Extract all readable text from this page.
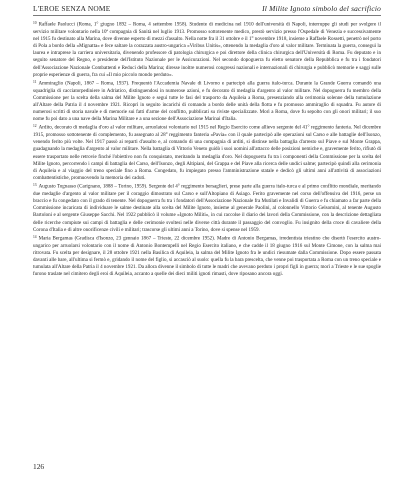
L'EROE SENZA NOME	Il Milite Ignoto simbolo del sacrificio

$^{10}$ Raffaele Paolucci (Roma, 1° giugno 1892 – Roma, 4 settembre 1958). Studente di medicina nel 1910 dell'università di Napoli, interruppe gli studi per svolgere il servizio militare volontario nella 10ª compagnia di Sanità nel luglio 1913. Promosso sottotenente medico, prestò servizio presso l'Ospedale di Venezia e successivamente nel 1915 fu destinato alla Marina, dove divenne esperto di mezzi d'assalto. Nella notte fra il 31 ottobre e il 1° novembre 1918, insieme a Raffaele Rossetti, penetrò nel porto di Pola a bordo della «Mignatta» e fece saltare la corazzata austro-ungarica «Viribus Unitis», ottenendo la medaglia d'oro al valor militare. Terminata la guerra, conseguì la laurea e intraprese la carriera universitaria, divenendo professore di patologia chirurgica e poi direttore della clinica chirurgica dell'Università di Roma. Fu deputato e in seguito senatore del Regno, e presidente dell'Istituto Nazionale per le Assicurazioni. Nel secondo dopoguerra fu eletto senatore della Repubblica e fu tra i fondatori dell'Associazione Nazionale Combattenti e Reduci della Marina; diresse inoltre numerosi congressi nazionali e internazionali di chirurgia e pubblicò memorie e saggi sulle proprie esperienze di guerra, fra cui «Il mio piccolo mondo perduto».

$^{11}$ Ammiraglio (Napoli, 1867 – Roma, 1937). Frequentò l'Accademia Navale di Livorno e partecipò alla guerra italo-turca. Durante la Grande Guerra comandò una squadriglia di cacciatorpediniere in Adriatico, distinguendosi in numerose azioni, e fu decorato di medaglia d'argento al valor militare. Nel dopoguerra fu membro della Commissione per la scelta della salma del Milite Ignoto e seguì tutte le fasi del trasporto da Aquileia a Roma, presenziando alla cerimonia solenne della tumulazione all'Altare della Patria il 4 novembre 1921. Ricoprì in seguito incarichi di comando a bordo delle unità della flotta e fu promosso ammiraglio di squadra. Fu autore di numerosi scritti di storia navale e di memorie sui fatti d'arme del conflitto, pubblicati su riviste specializzate. Morì a Roma, dove fu sepolto con gli onori militari; il suo nome fu poi dato a una nave della Marina Militare e a una sezione dell'Associazione Marinai d'Italia.

$^{12}$ Ardito, decorato di medaglia d'oro al valor militare, arruolatosi volontario nel 1915 nel Regio Esercito come allievo sergente del 41° reggimento fanteria. Nel dicembre 1915, promosso sottotenente di complemento, fu assegnato al 28° reggimento fanteria «Pavia» con il quale partecipò alle operazioni sul Carso e alle battaglie dell'Isonzo, venendo ferito più volte. Nel 1917 passò ai reparti d'assalto e, al comando di una compagnia di arditi, si distinse nella battaglia d'arresto sul Piave e sul Monte Grappa, guadagnando la medaglia d'argento al valor militare. Nella battaglia di Vittorio Veneto guidò i suoi uomini all'attacco delle posizioni nemiche e, gravemente ferito, rifiutò di essere trasportato nelle retrovie finché l'obiettivo non fu conquistato, meritando la medaglia d'oro. Nel dopoguerra fu tra i componenti della Commissione per la scelta del Milite Ignoto, percorrendo i campi di battaglia del Carso, dell'Isonzo, degli Altipiani, del Grappa e del Piave alla ricerca delle undici salme; partecipò quindi alla cerimonia di Aquileia e al viaggio del treno speciale fino a Roma. Congedato, fu impiegato presso l'amministrazione statale e dedicò gli ultimi anni all'attività di associazioni combattentistiche, promuovendo la memoria dei caduti.

$^{13}$ Augusto Tognasso (Carignano, 1888 – Torino, 1959). Sergente del 4° reggimento bersaglieri, prese parte alla guerra italo-turca e al primo conflitto mondiale, meritando due medaglie d'argento al valor militare per il coraggio dimostrato sul Carso e sull'Altopiano di Asiago. Ferito gravemente nel corso dell'offensiva del 1916, perse un braccio e fu congedato con il grado di tenente. Nel dopoguerra fu tra i fondatori dell'Associazione Nazionale fra Mutilati e Invalidi di Guerra e fu chiamato a far parte della Commissione incaricata di individuare le salme destinate alla scelta del Milite Ignoto, insieme al generale Paolini, al colonnello Vittorio Gelsomini, al tenente Augusto Bartoloni e al sergente Giuseppe Sacchi. Nel 1922 pubblicò il volume «Ignoto Militi», in cui raccolse il diario dei lavori della Commissione, con la descrizione dettagliata delle ricerche compiute sui campi di battaglia e delle cerimonie svoltesi nelle diverse città durante il passaggio del convoglio. Fu insignito della croce di cavaliere della Corona d'Italia e di altre onorificenze civili e militari; trascorse gli ultimi anni a Torino, dove si spense nel 1959.

$^{14}$ Maria Bergamas (Gradisca d'Isonzo, 23 gennaio 1867 – Trieste, 22 dicembre 1952). Madre di Antonio Bergamas, irredentista triestino che disertò l'esercito austro-ungarico per arruolarsi volontario con il nome di Antonio Bontempelli nel Regio Esercito italiano, e che cadde il 18 giugno 1916 sul Monte Cimone, con la salma mai ritrovata. Fu scelta per designare, il 28 ottobre 1921 nella Basilica di Aquileia, la salma del Milite Ignoto fra le undici riesumate dalla Commissione. Dopo essere passata davanti alle bare, all'ultima si fermò e, gridando il nome del figlio, si accasciò al suolo: quella fu la bara prescelta, che venne poi trasportata a Roma con un treno speciale e tumulata all'Altare della Patria il 4 novembre 1921. Da allora divenne il simbolo di tutte le madri che avevano perduto i propri figli in guerra; morì a Trieste e le sue spoglie furono traslate nel cimitero degli eroi di Aquileia, accanto a quelle dei dieci militi ignoti rimasti, dove riposano ancora oggi.

126
